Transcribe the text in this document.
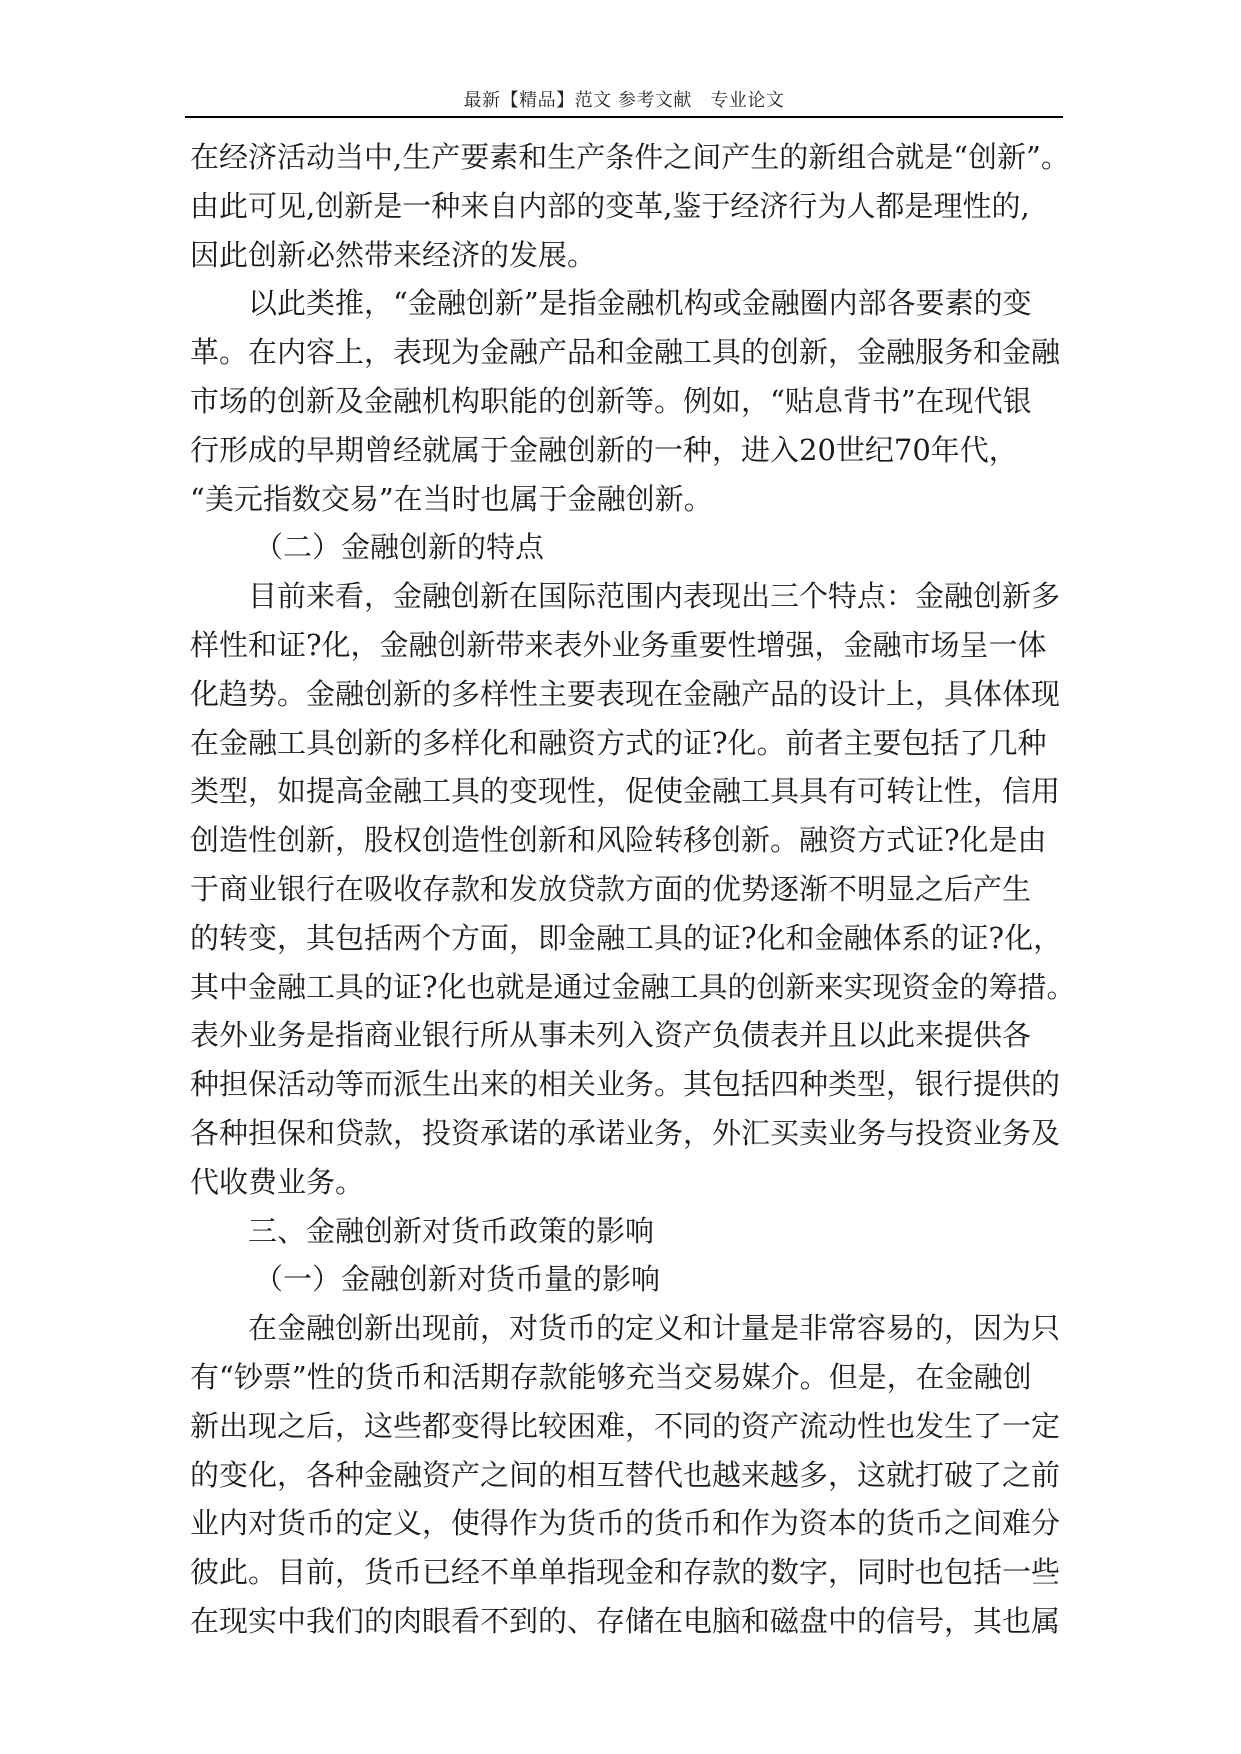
最新【精品】范文 参考文献　专业论文

在经济活动当中,生产要素和生产条件之间产生的新组合就是“创新”。

由此可见,创新是一种来自内部的变革,鉴于经济行为人都是理性的,

因此创新必然带来经济的发展。

以此类推，“金融创新”是指金融机构或金融圈内部各要素的变

革。在内容上，表现为金融产品和金融工具的创新，金融服务和金融

市场的创新及金融机构职能的创新等。例如，“贴息背书”在现代银

行形成的早期曾经就属于金融创新的一种，进入20世纪70年代，

“美元指数交易”在当时也属于金融创新。

（二）金融创新的特点

目前来看，金融创新在国际范围内表现出三个特点：金融创新多

样性和证?化，金融创新带来表外业务重要性增强，金融市场呈一体

化趋势。金融创新的多样性主要表现在金融产品的设计上，具体体现

在金融工具创新的多样化和融资方式的证?化。前者主要包括了几种

类型，如提高金融工具的变现性，促使金融工具具有可转让性，信用

创造性创新，股权创造性创新和风险转移创新。融资方式证?化是由

于商业银行在吸收存款和发放贷款方面的优势逐渐不明显之后产生

的转变，其包括两个方面，即金融工具的证?化和金融体系的证?化，

其中金融工具的证?化也就是通过金融工具的创新来实现资金的筹措。

表外业务是指商业银行所从事未列入资产负债表并且以此来提供各

种担保活动等而派生出来的相关业务。其包括四种类型，银行提供的

各种担保和贷款，投资承诺的承诺业务，外汇买卖业务与投资业务及

代收费业务。

三、金融创新对货币政策的影响

（一）金融创新对货币量的影响

在金融创新出现前，对货币的定义和计量是非常容易的，因为只

有“钞票”性的货币和活期存款能够充当交易媒介。但是，在金融创

新出现之后，这些都变得比较困难，不同的资产流动性也发生了一定

的变化，各种金融资产之间的相互替代也越来越多，这就打破了之前

业内对货币的定义，使得作为货币的货币和作为资本的货币之间难分

彼此。目前，货币已经不单单指现金和存款的数字，同时也包括一些

在现实中我们的肉眼看不到的、存储在电脑和磁盘中的信号，其也属
